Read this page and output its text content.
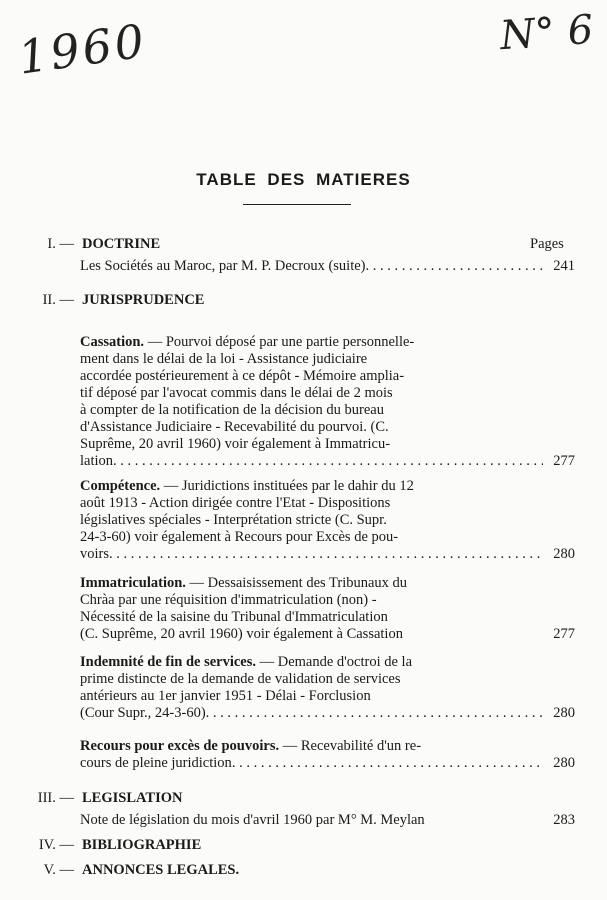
1960	N° 6
TABLE DES MATIERES
I. — DOCTRINE	Pages
Les Sociétés au Maroc, par M. P. Decroux (suite) . . .	241
II. — JURISPRUDENCE
Cassation. — Pourvoi déposé par une partie personnelle-
ment dans le délai de la loi - Assistance judiciaire
accordée postérieurement à ce dépôt - Mémoire amplia-
tif déposé par l'avocat commis dans le délai de 2 mois
à compter de la notification de la décision du bureau
d'Assistance Judiciaire - Recevabilité du pourvoi. (C.
Suprême, 20 avril 1960) voir également à Immatricu-
lation . . .	277
Compétence. — Juridictions instituées par le dahir du 12
août 1913 - Action dirigée contre l'Etat - Dispositions
législatives spéciales - Interprétation stricte (C. Supr.
24-3-60) voir également à Recours pour Excès de pou-
voirs . . .	280
Immatriculation. — Dessaisissement des Tribunaux du
Chràa par une réquisition d'immatriculation (non) -
Nécessité de la saisine du Tribunal d'Immatriculation
(C. Suprême, 20 avril 1960) voir également à Cassation	277
Indemnité de fin de services. — Demande d'octroi de la
prime distincte de la demande de validation de services
antérieurs au 1er janvier 1951 - Délai - Forclusion
(Cour Supr., 24-3-60) . . .	280
Recours pour excès de pouvoirs. — Recevabilité d'un re-
cours de pleine juridiction . . .	280
III. — LEGISLATION
Note de législation du mois d'avril 1960 par M° M. Meylan	283
IV. — BIBLIOGRAPHIE
V. — ANNONCES LEGALES.
